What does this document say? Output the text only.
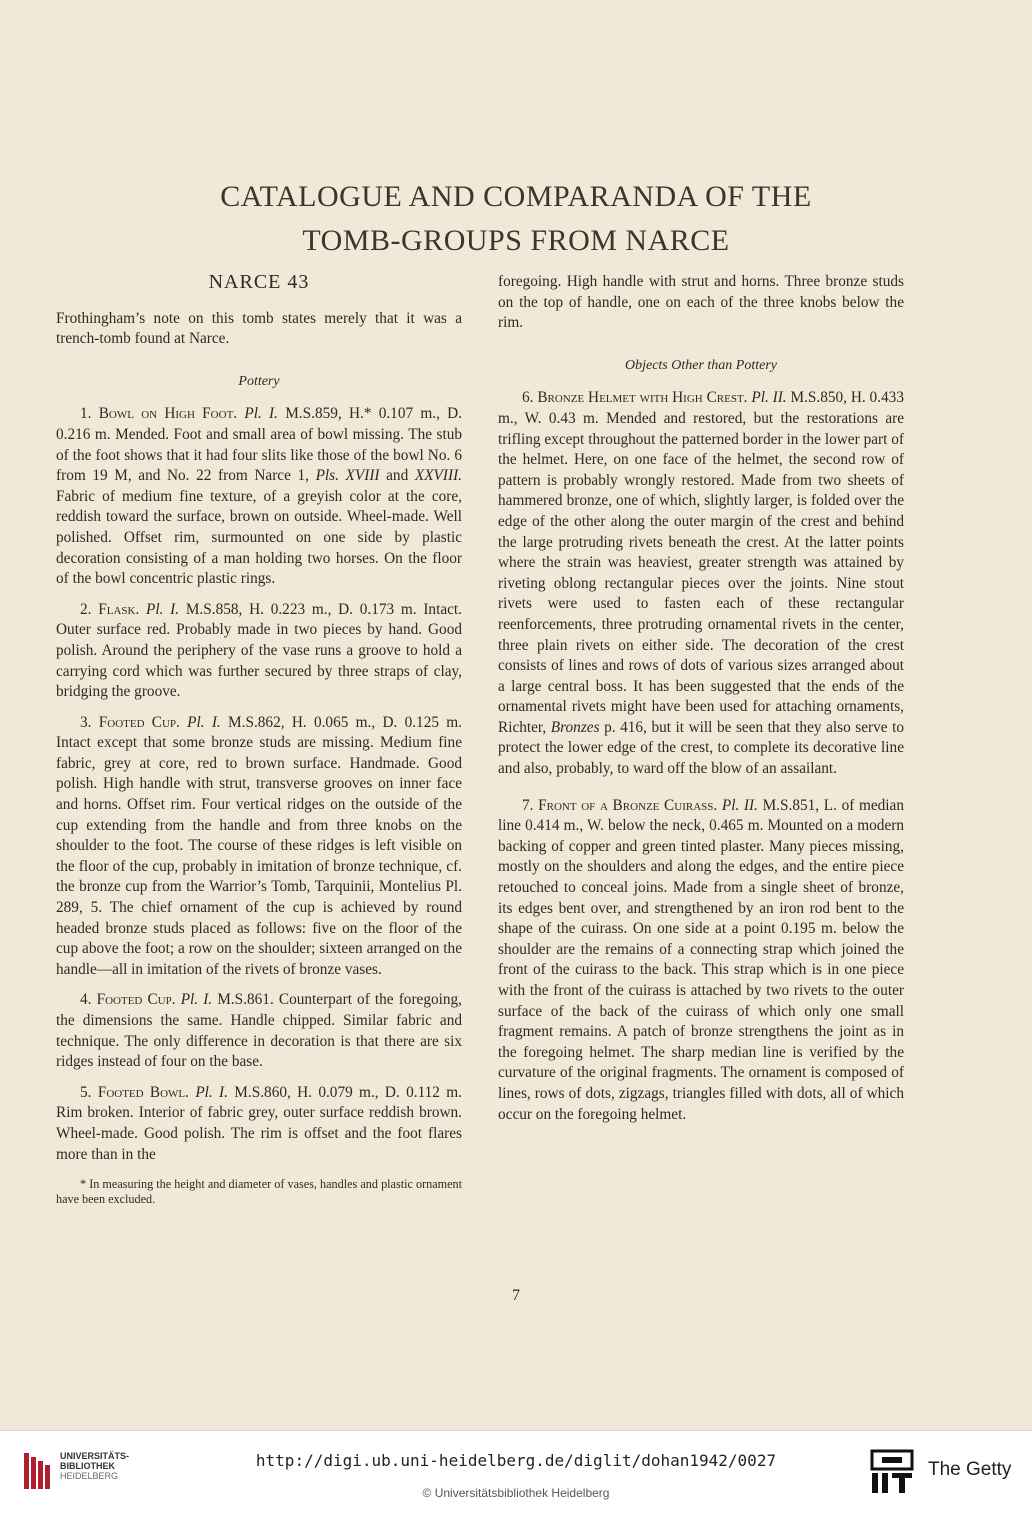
CATALOGUE AND COMPARANDA OF THE
TOMB-GROUPS FROM NARCE
NARCE 43

Frothingham’s note on this tomb states merely that it was a trench-tomb found at Narce.

Pottery

1. Bowl on High Foot. Pl. I. M.S.859, H.* 0.107 m., D. 0.216 m. Mended. Foot and small area of bowl missing. The stub of the foot shows that it had four slits like those of the bowl No. 6 from 19 M, and No. 22 from Narce 1, Pls. XVIII and XXVIII. Fabric of medium fine texture, of a greyish color at the core, reddish toward the surface, brown on outside. Wheel-made. Well polished. Offset rim, surmounted on one side by plastic decoration consisting of a man holding two horses. On the floor of the bowl concentric plastic rings.

2. Flask. Pl. I. M.S.858, H. 0.223 m., D. 0.173 m. Intact. Outer surface red. Probably made in two pieces by hand. Good polish. Around the periphery of the vase runs a groove to hold a carrying cord which was further secured by three straps of clay, bridging the groove.

3. Footed Cup. Pl. I. M.S.862, H. 0.065 m., D. 0.125 m. Intact except that some bronze studs are missing. Medium fine fabric, grey at core, red to brown surface. Handmade. Good polish. High handle with strut, transverse grooves on inner face and horns. Offset rim. Four vertical ridges on the outside of the cup extending from the handle and from three knobs on the shoulder to the foot. The course of these ridges is left visible on the floor of the cup, probably in imitation of bronze technique, cf. the bronze cup from the Warrior’s Tomb, Tarquinii, Montelius Pl. 289, 5. The chief ornament of the cup is achieved by round headed bronze studs placed as follows: five on the floor of the cup above the foot; a row on the shoulder; sixteen arranged on the handle—all in imitation of the rivets of bronze vases.

4. Footed Cup. Pl. I. M.S.861. Counterpart of the foregoing, the dimensions the same. Handle chipped. Similar fabric and technique. The only difference in decoration is that there are six ridges instead of four on the base.

5. Footed Bowl. Pl. I. M.S.860, H. 0.079 m., D. 0.112 m. Rim broken. Interior of fabric grey, outer surface reddish brown. Wheel-made. Good polish. The rim is offset and the foot flares more than in the

* In measuring the height and diameter of vases, handles and plastic ornament have been excluded.

foregoing. High handle with strut and horns. Three bronze studs on the top of handle, one on each of the three knobs below the rim.

Objects Other than Pottery

6. Bronze Helmet with High Crest. Pl. II. M.S.850, H. 0.433 m., W. 0.43 m. Mended and restored, but the restorations are trifling except throughout the patterned border in the lower part of the helmet. Here, on one face of the helmet, the second row of pattern is probably wrongly restored. Made from two sheets of hammered bronze, one of which, slightly larger, is folded over the edge of the other along the outer margin of the crest and behind the large protruding rivets beneath the crest. At the latter points where the strain was heaviest, greater strength was attained by riveting oblong rectangular pieces over the joints. Nine stout rivets were used to fasten each of these rectangular reenforcements, three protruding ornamental rivets in the center, three plain rivets on either side. The decoration of the crest consists of lines and rows of dots of various sizes arranged about a large central boss. It has been suggested that the ends of the ornamental rivets might have been used for attaching ornaments, Richter, Bronzes p. 416, but it will be seen that they also serve to protect the lower edge of the crest, to complete its decorative line and also, probably, to ward off the blow of an assailant.

7. Front of a Bronze Cuirass. Pl. II. M.S.851, L. of median line 0.414 m., W. below the neck, 0.465 m. Mounted on a modern backing of copper and green tinted plaster. Many pieces missing, mostly on the shoulders and along the edges, and the entire piece retouched to conceal joins. Made from a single sheet of bronze, its edges bent over, and strengthened by an iron rod bent to the shape of the cuirass. On one side at a point 0.195 m. below the shoulder are the remains of a connecting strap which joined the front of the cuirass to the back. This strap which is in one piece with the front of the cuirass is attached by two rivets to the outer surface of the back of the cuirass of which only one small fragment remains. A patch of bronze strengthens the joint as in the foregoing helmet. The sharp median line is verified by the curvature of the original fragments. The ornament is composed of lines, rows of dots, zigzags, triangles filled with dots, all of which occur on the foregoing helmet.

7
UNIVERSITÄTS-
BIBLIOTHEK
HEIDELBERG
http://digi.ub.uni-heidelberg.de/diglit/dohan1942/0027
© Universitätsbibliothek Heidelberg
The Getty
